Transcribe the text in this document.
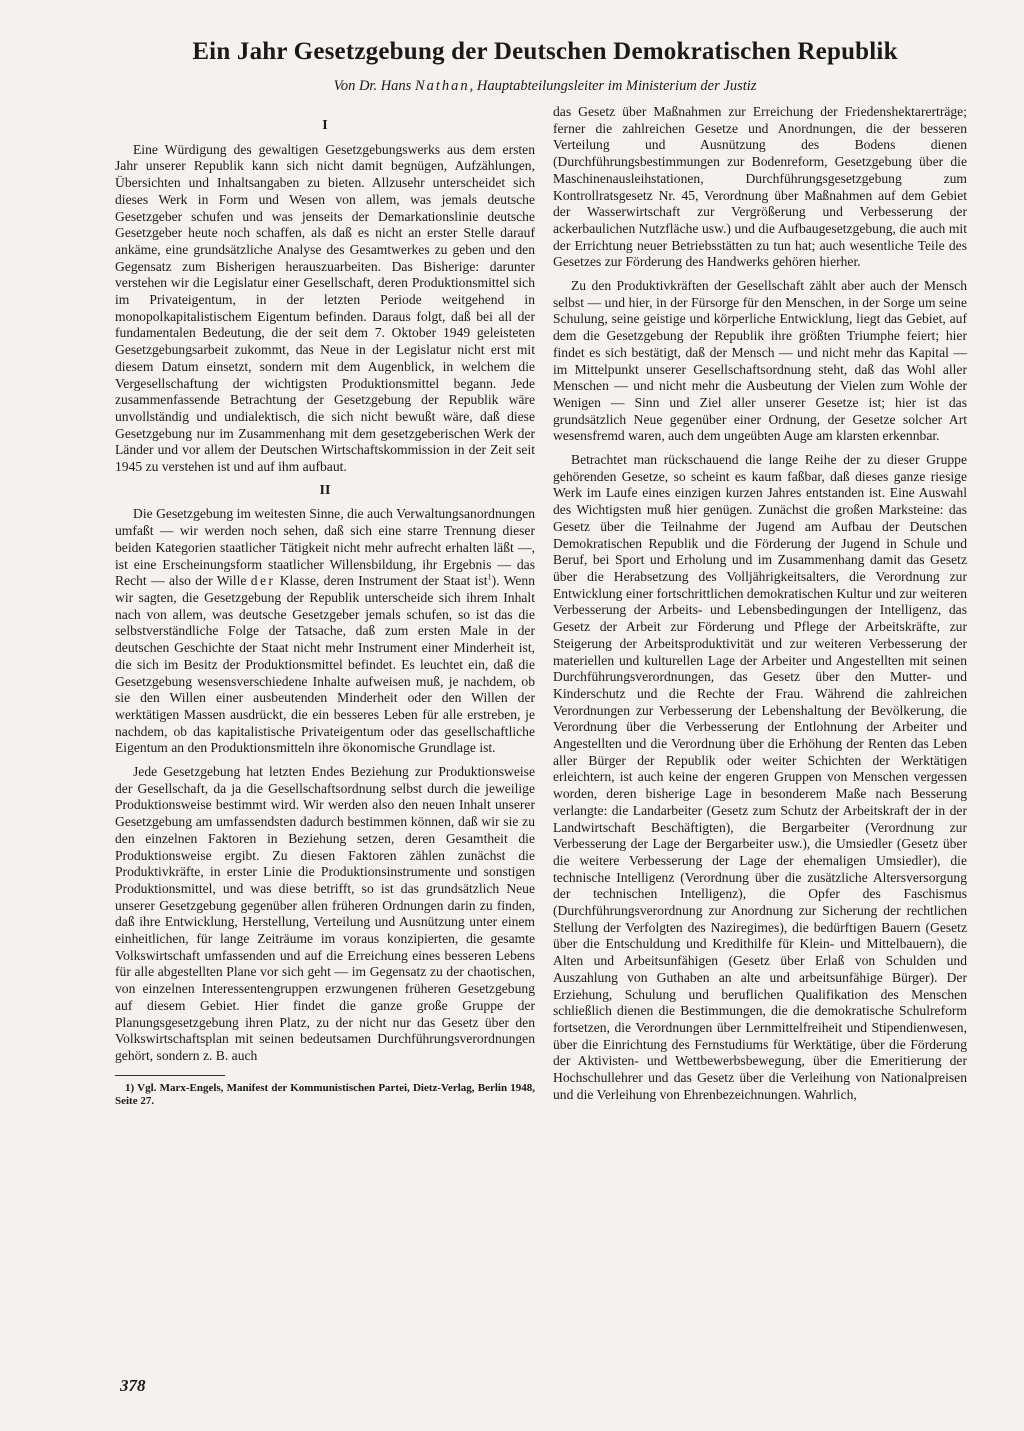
Ein Jahr Gesetzgebung der Deutschen Demokratischen Republik
Von Dr. Hans Nathan, Hauptabteilungsleiter im Ministerium der Justiz

I

Eine Würdigung des gewaltigen Gesetzgebungswerks aus dem ersten Jahr unserer Republik kann sich nicht damit begnügen, Aufzählungen, Übersichten und Inhaltsangaben zu bieten. Allzusehr unterscheidet sich dieses Werk in Form und Wesen von allem, was jemals deutsche Gesetzgeber schufen und was jenseits der Demarkationslinie deutsche Gesetzgeber heute noch schaffen, als daß es nicht an erster Stelle darauf ankäme, eine grundsätzliche Analyse des Gesamtwerkes zu geben und den Gegensatz zum Bisherigen herauszuarbeiten. Das Bisherige: darunter verstehen wir die Legislatur einer Gesellschaft, deren Produktionsmittel sich im Privateigentum, in der letzten Periode weitgehend in monopolkapitalistischem Eigentum befinden. Daraus folgt, daß bei all der fundamentalen Bedeutung, die der seit dem 7. Oktober 1949 geleisteten Gesetzgebungsarbeit zukommt, das Neue in der Legislatur nicht erst mit diesem Datum einsetzt, sondern mit dem Augenblick, in welchem die Vergesellschaftung der wichtigsten Produktionsmittel begann. Jede zusammenfassende Betrachtung der Gesetzgebung der Republik wäre unvollständig und undialektisch, die sich nicht bewußt wäre, daß diese Gesetzgebung nur im Zusammenhang mit dem gesetzgeberischen Werk der Länder und vor allem der Deutschen Wirtschaftskommission in der Zeit seit 1945 zu verstehen ist und auf ihm aufbaut.

II

Die Gesetzgebung im weitesten Sinne, die auch Verwaltungsanordnungen umfaßt — wir werden noch sehen, daß sich eine starre Trennung dieser beiden Kategorien staatlicher Tätigkeit nicht mehr aufrecht erhalten läßt —, ist eine Erscheinungsform staatlicher Willensbildung, ihr Ergebnis — das Recht — also der Wille der Klasse, deren Instrument der Staat ist$^1$). Wenn wir sagten, die Gesetzgebung der Republik unterscheide sich ihrem Inhalt nach von allem, was deutsche Gesetzgeber jemals schufen, so ist das die selbstverständliche Folge der Tatsache, daß zum ersten Male in der deutschen Geschichte der Staat nicht mehr Instrument einer Minderheit ist, die sich im Besitz der Produktionsmittel befindet. Es leuchtet ein, daß die Gesetzgebung wesensverschiedene Inhalte aufweisen muß, je nachdem, ob sie den Willen einer ausbeutenden Minderheit oder den Willen der werktätigen Massen ausdrückt, die ein besseres Leben für alle erstreben, je nachdem, ob das kapitalistische Privateigentum oder das gesellschaftliche Eigentum an den Produktionsmitteln ihre ökonomische Grundlage ist.

Jede Gesetzgebung hat letzten Endes Beziehung zur Produktionsweise der Gesellschaft, da ja die Gesellschaftsordnung selbst durch die jeweilige Produktionsweise bestimmt wird. Wir werden also den neuen Inhalt unserer Gesetzgebung am umfassendsten dadurch bestimmen können, daß wir sie zu den einzelnen Faktoren in Beziehung setzen, deren Gesamtheit die Produktionsweise ergibt. Zu diesen Faktoren zählen zunächst die Produktivkräfte, in erster Linie die Produktionsinstrumente und sonstigen Produktionsmittel, und was diese betrifft, so ist das grundsätzlich Neue unserer Gesetzgebung gegenüber allen früheren Ordnungen darin zu finden, daß ihre Entwicklung, Herstellung, Verteilung und Ausnützung unter einem einheitlichen, für lange Zeiträume im voraus konzipierten, die gesamte Volkswirtschaft umfassenden und auf die Erreichung eines besseren Lebens für alle abgestellten Plane vor sich geht — im Gegensatz zu der chaotischen, von einzelnen Interessentengruppen erzwungenen früheren Gesetzgebung auf diesem Gebiet. Hier findet die ganze große Gruppe der Planungsgesetzgebung ihren Platz, zu der nicht nur das Gesetz über den Volkswirtschaftsplan mit seinen bedeutsamen Durchführungsverordnungen gehört, sondern z. B. auch

1) Vgl. Marx-Engels, Manifest der Kommunistischen Partei, Dietz-Verlag, Berlin 1948, Seite 27.

das Gesetz über Maßnahmen zur Erreichung der Friedenshektarerträge; ferner die zahlreichen Gesetze und Anordnungen, die der besseren Verteilung und Ausnützung des Bodens dienen (Durchführungsbestimmungen zur Bodenreform, Gesetzgebung über die Maschinenausleihstationen, Durchführungsgesetzgebung zum Kontrollratsgesetz Nr. 45, Verordnung über Maßnahmen auf dem Gebiet der Wasserwirtschaft zur Vergrößerung und Verbesserung der ackerbaulichen Nutzfläche usw.) und die Aufbaugesetzgebung, die auch mit der Errichtung neuer Betriebsstätten zu tun hat; auch wesentliche Teile des Gesetzes zur Förderung des Handwerks gehören hierher.

Zu den Produktivkräften der Gesellschaft zählt aber auch der Mensch selbst — und hier, in der Fürsorge für den Menschen, in der Sorge um seine Schulung, seine geistige und körperliche Entwicklung, liegt das Gebiet, auf dem die Gesetzgebung der Republik ihre größten Triumphe feiert; hier findet es sich bestätigt, daß der Mensch — und nicht mehr das Kapital — im Mittelpunkt unserer Gesellschaftsordnung steht, daß das Wohl aller Menschen — und nicht mehr die Ausbeutung der Vielen zum Wohle der Wenigen — Sinn und Ziel aller unserer Gesetze ist; hier ist das grundsätzlich Neue gegenüber einer Ordnung, der Gesetze solcher Art wesensfremd waren, auch dem ungeübten Auge am klarsten erkennbar.

Betrachtet man rückschauend die lange Reihe der zu dieser Gruppe gehörenden Gesetze, so scheint es kaum faßbar, daß dieses ganze riesige Werk im Laufe eines einzigen kurzen Jahres entstanden ist. Eine Auswahl des Wichtigsten muß hier genügen. Zunächst die großen Marksteine: das Gesetz über die Teilnahme der Jugend am Aufbau der Deutschen Demokratischen Republik und die Förderung der Jugend in Schule und Beruf, bei Sport und Erholung und im Zusammenhang damit das Gesetz über die Herabsetzung des Volljährigkeitsalters, die Verordnung zur Entwicklung einer fortschrittlichen demokratischen Kultur und zur weiteren Verbesserung der Arbeits- und Lebensbedingungen der Intelligenz, das Gesetz der Arbeit zur Förderung und Pflege der Arbeitskräfte, zur Steigerung der Arbeitsproduktivität und zur weiteren Verbesserung der materiellen und kulturellen Lage der Arbeiter und Angestellten mit seinen Durchführungsverordnungen, das Gesetz über den Mutter- und Kinderschutz und die Rechte der Frau. Während die zahlreichen Verordnungen zur Verbesserung der Lebenshaltung der Bevölkerung, die Verordnung über die Verbesserung der Entlohnung der Arbeiter und Angestellten und die Verordnung über die Erhöhung der Renten das Leben aller Bürger der Republik oder weiter Schichten der Werktätigen erleichtern, ist auch keine der engeren Gruppen von Menschen vergessen worden, deren bisherige Lage in besonderem Maße nach Besserung verlangte: die Landarbeiter (Gesetz zum Schutz der Arbeitskraft der in der Landwirtschaft Beschäftigten), die Bergarbeiter (Verordnung zur Verbesserung der Lage der Bergarbeiter usw.), die Umsiedler (Gesetz über die weitere Verbesserung der Lage der ehemaligen Umsiedler), die technische Intelligenz (Verordnung über die zusätzliche Altersversorgung der technischen Intelligenz), die Opfer des Faschismus (Durchführungsverordnung zur Anordnung zur Sicherung der rechtlichen Stellung der Verfolgten des Naziregimes), die bedürftigen Bauern (Gesetz über die Entschuldung und Kredithilfe für Klein- und Mittelbauern), die Alten und Arbeitsunfähigen (Gesetz über Erlaß von Schulden und Auszahlung von Guthaben an alte und arbeitsunfähige Bürger). Der Erziehung, Schulung und beruflichen Qualifikation des Menschen schließlich dienen die Bestimmungen, die die demokratische Schulreform fortsetzen, die Verordnungen über Lernmittelfreiheit und Stipendienwesen, über die Einrichtung des Fernstudiums für Werktätige, über die Förderung der Aktivisten- und Wettbewerbsbewegung, über die Emeritierung der Hochschullehrer und das Gesetz über die Verleihung von Nationalpreisen und die Verleihung von Ehrenbezeichnungen. Wahrlich,

378
